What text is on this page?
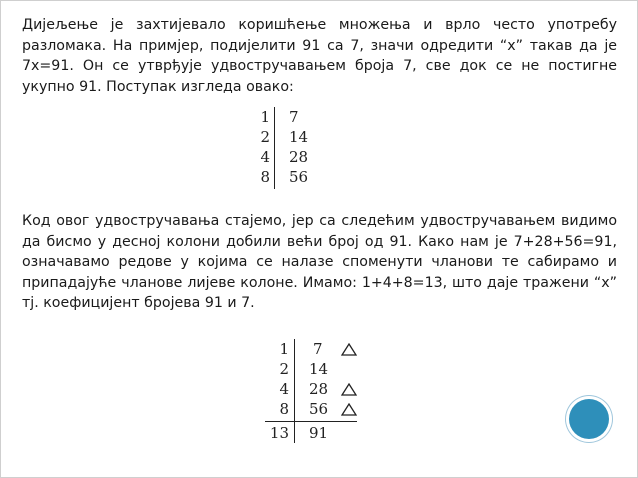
Дијељење је захтијевало коришћење множења и врло често употребу разломака. На примјер, подијелити 91 са 7, значи одредити “x” такав да је 7x=91. Он се утврђује удвостручавањем броја 7, све док се не постигне укупно 91. Поступак изгледа овако:

1 7
2 14
4 28
8 56

Код овог удвостручавања стајемо, јер са следећим удвостручавањем видимо да бисмо у десној колони добили већи број од 91. Како нам је 7+28+56=91, означавамо редове у којима се налазе споменути чланови те сабирамо и припадајуће чланове лијеве колоне. Имамо: 1+4+8=13, што даје тражени “x” тј. коефицијент бројева 91 и 7.

1 7
2 14
4 28
8 56
13 91
